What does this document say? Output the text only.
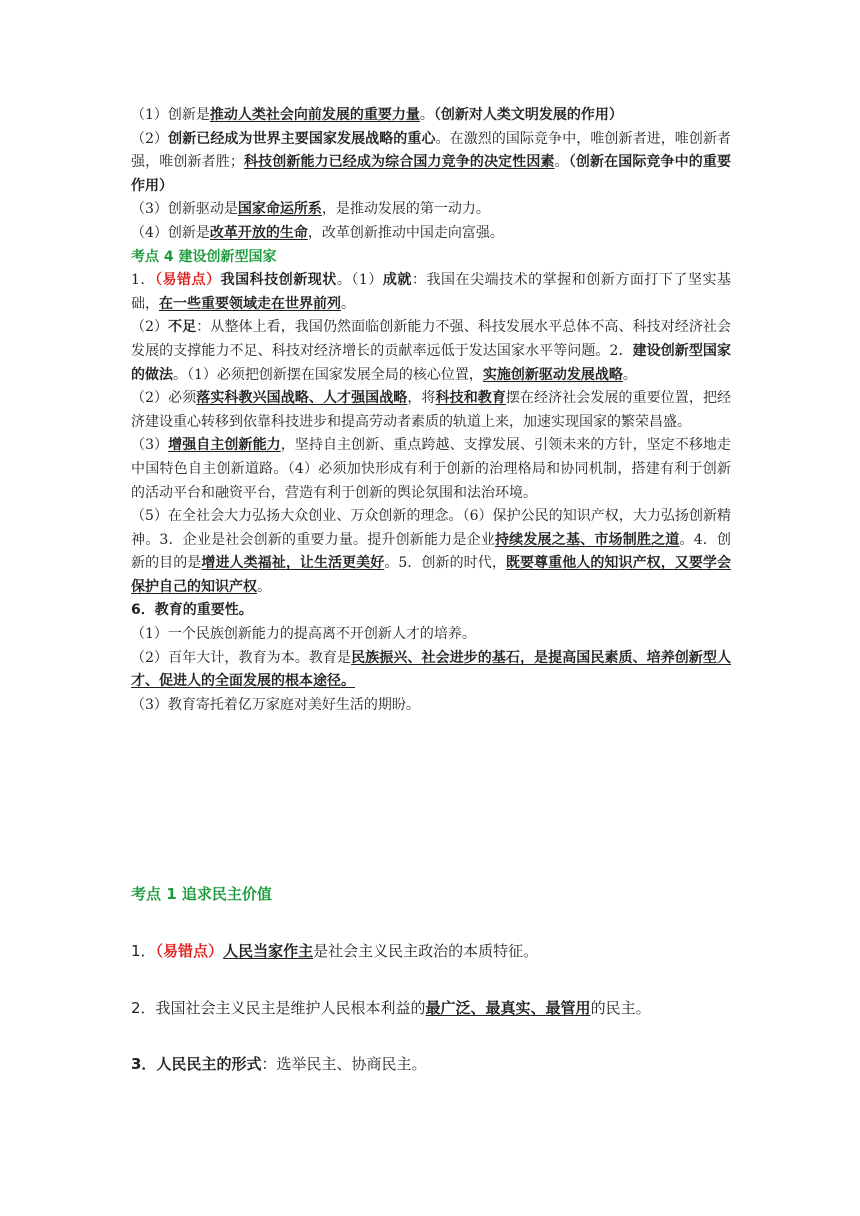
（1）创新是推动人类社会向前发展的重要力量。（创新对人类文明发展的作用）

（2）创新已经成为世界主要国家发展战略的重心。在激烈的国际竞争中，唯创新者进，唯创新者强，唯创新者胜；科技创新能力已经成为综合国力竞争的决定性因素。（创新在国际竞争中的重要作用）

（3）创新驱动是国家命运所系，是推动发展的第一动力。

（4）创新是改革开放的生命，改革创新推动中国走向富强。

考点 4 建设创新型国家

1．（易错点）我国科技创新现状。（1）成就：我国在尖端技术的掌握和创新方面打下了坚实基础，在一些重要领域走在世界前列。

（2）不足：从整体上看，我国仍然面临创新能力不强、科技发展水平总体不高、科技对经济社会发展的支撑能力不足、科技对经济增长的贡献率远低于发达国家水平等问题。2．建设创新型国家的做法。（1）必须把创新摆在国家发展全局的核心位置，实施创新驱动发展战略。

（2）必须落实科教兴国战略、人才强国战略，将科技和教育摆在经济社会发展的重要位置，把经济建设重心转移到依靠科技进步和提高劳动者素质的轨道上来，加速实现国家的繁荣昌盛。

（3）增强自主创新能力，坚持自主创新、重点跨越、支撑发展、引领未来的方针，坚定不移地走中国特色自主创新道路。（4）必须加快形成有利于创新的治理格局和协同机制，搭建有利于创新的活动平台和融资平台，营造有利于创新的舆论氛围和法治环境。

（5）在全社会大力弘扬大众创业、万众创新的理念。（6）保护公民的知识产权，大力弘扬创新精神。3．企业是社会创新的重要力量。提升创新能力是企业持续发展之基、市场制胜之道。4．创新的目的是增进人类福祉，让生活更美好。5．创新的时代，既要尊重他人的知识产权，又要学会保护自己的知识产权。

6．教育的重要性。

（1）一个民族创新能力的提高离不开创新人才的培养。

（2）百年大计，教育为本。教育是民族振兴、社会进步的基石，是提高国民素质、培养创新型人才、促进人的全面发展的根本途径。

（3）教育寄托着亿万家庭对美好生活的期盼。

考点 1 追求民主价值

1．（易错点）人民当家作主是社会主义民主政治的本质特征。

2．我国社会主义民主是维护人民根本利益的最广泛、最真实、最管用的民主。

3．人民民主的形式：选举民主、协商民主。
